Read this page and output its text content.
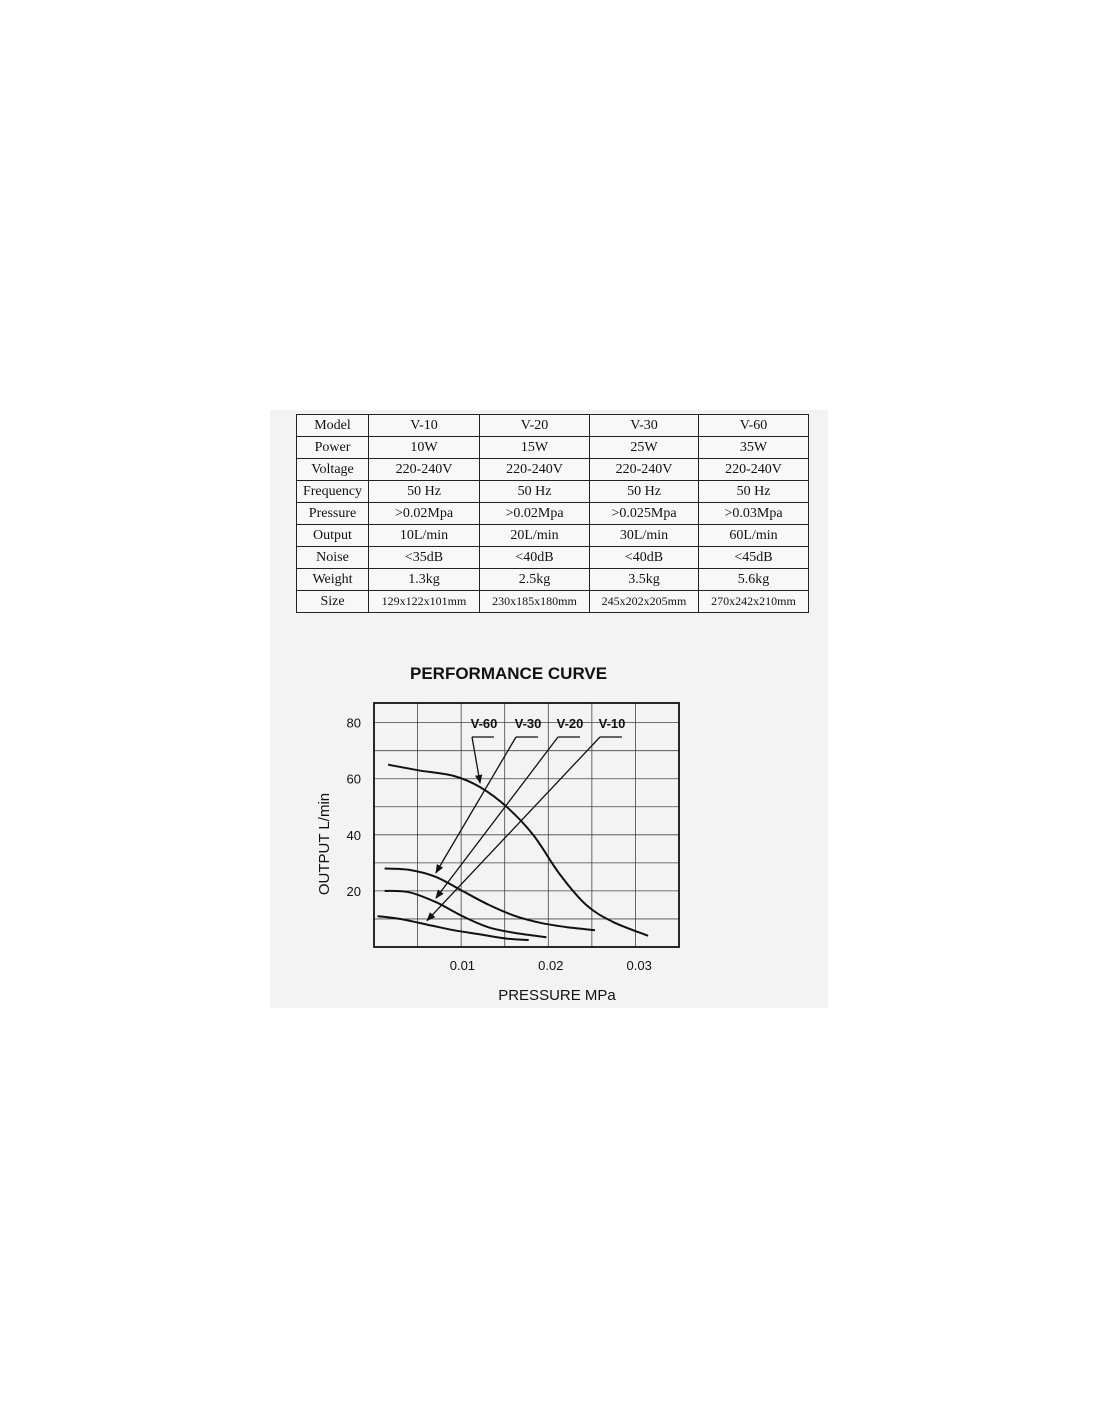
Model	V-10	V-20	V-30	V-60
Power	10W	15W	25W	35W
Voltage	220-240V	220-240V	220-240V	220-240V
Frequency	50 Hz	50 Hz	50 Hz	50 Hz
Pressure	>0.02Mpa	>0.02Mpa	>0.025Mpa	>0.03Mpa
Output	10L/min	20L/min	30L/min	60L/min
Noise	<35dB	<40dB	<40dB	<45dB
Weight	1.3kg	2.5kg	3.5kg	5.6kg
Size	129x122x101mm	230x185x180mm	245x202x205mm	270x242x210mm
PERFORMANCE CURVE
20
40
60
80
0.01	0.02	0.03
PRESSURE MPa
OUTPUT L/min
V-60 V-30 V-20 V-10
